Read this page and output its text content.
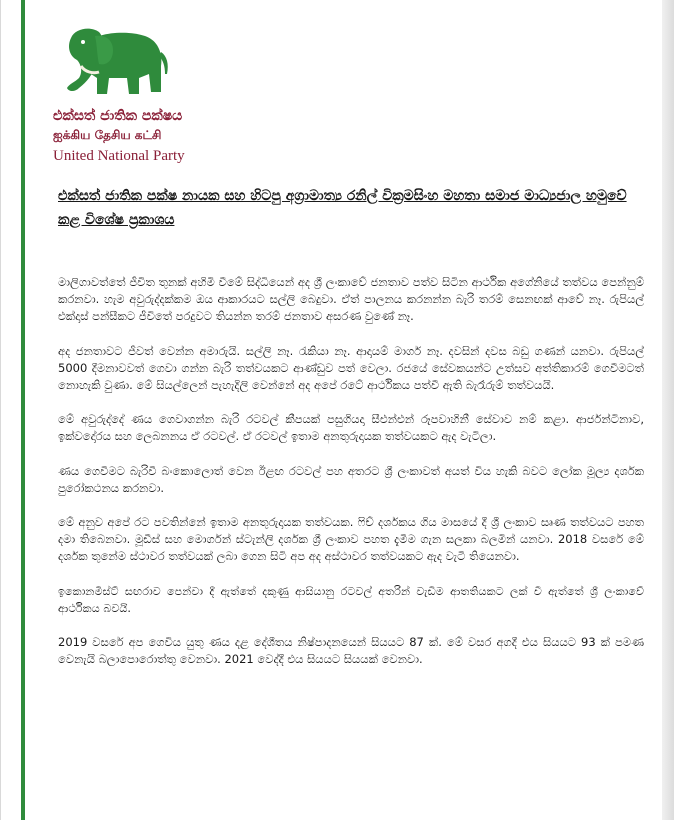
එක්සත් ජාතික පක්ෂය
ஐக்கிய தேசிய கட்சி
United National Party
එක්සත් ජාතික පක්ෂ නායක සහ හිටපු අග්‍රාමාත්‍ය රනිල් වික්‍රමසිංහ මහතා සමාජ මාධ්‍යජාල හමුවේ කළ විශේෂ ප්‍රකාශය

මාලිගාවත්තේ ජීවිත තුනක් අහිමි වීමේ සිද්ධියෙන් අද ශ්‍රී ලංකාවේ ජනතාව පත්ව සිටින ආර්ථික අගේනියේ තත්වය පෙන්නුම් කරනවා. හැම අවුරුද්දක්කම ඔය ආකාරයට සල්ලි බෙදුවා. ඒත් පාලනය කරනන්න බැරි තරම් සෙනඟක් ආවේ නෑ. රුපියල් එක්දාස් පන්සීකට ජීවිතේ පරදුවට තියන්න තරම් ජනතාව අසරණ වුණේ නෑ.

අද ජනතාවට ජීවත් වෙන්න අමාරුයි. සල්ලි නෑ. රැකියා නෑ. ආදායම් මාර්ග නෑ. දවසින් දවස බඩු ගණන් යනවා. රුපියල් 5000 දීමනාවවත් ගෙවා ගන්න බැරි තත්වයකට ආණ්ඩුව පත් වෙලා. රජයේ සේවකයන්ට උත්සව අත්තිකාරම් ගෙවීමටත් නොහැකි වුණා. මේ සියල්ලෙන් පැහැදිලි වෙන්නේ අද අපේ රටේ ආර්ථිකය පත්වී ඇති බැරෑරුම් තත්වයයි.

මේ අවුරුද්දේ ණය ගෙවාගන්න බැරි රටවල් කීපයක් පසුගියදා සීඑන්එන් රූපවාහිනී සේවාව නම් කළා. ආර්ජන්ටිනාව, ඉක්වදෝරය සහ ලෙබනනය ඒ රටවල්. ඒ රටවල් ඉතාම අනතුරුදායක තත්වයකට ඇද වැටිලා.

ණය ගෙවීමට බැරිවී බංකොලොත් වෙන ඊළඟ රටවල් පහ අතරට ශ්‍රී ලංකාවත් අයත් විය හැකි බවට ලෝක මූල්‍ය දර්ශක පුරෝකථනය කරනවා.

මේ අනුව අපේ රට පවතින්නේ ඉතාම අනතුරුදායක තත්වයක. ෆිච් දර්ශකය ගිය මාසයේ දී ශ්‍රී ලංකාව සෘණ තත්වයට පහත දමා තිබෙනවා. මූඩීස් සහ මොර්ගන් ස්ටැන්ලි දර්ශක ශ්‍රී ලංකාව පහත දැමීම ගැන සලකා බලමින් යනවා. 2018 වසරේ මේ දර්ශක තුනේම ස්ථාවර තත්වයක් ලබා ගෙන සිටි අප අද අස්ථාවර තත්වයකට ඇද වැටී තියෙනවා.

ඉකොනමිස්ට් සඟරාව පෙන්වා දී ඇත්තේ දකුණු ආසියානු රටවල් අතරින් වැඩිම ආතතියකට ලක් වී ඇත්තේ ශ්‍රී ලංකාවේ ආර්ථිකය බවයි.

2019 වසරේ අප ගෙවිය යුතු ණය දළ දේශීතය නිෂ්පාදනයෙන් සියයට 87 ක්. මේ වසර අගදී එය සියයට 93 ක් පමණ වෙනැයි බලාපොරොත්තු වෙනවා. 2021 වෙද්දී එය සියයට සියයක් වෙනවා.
